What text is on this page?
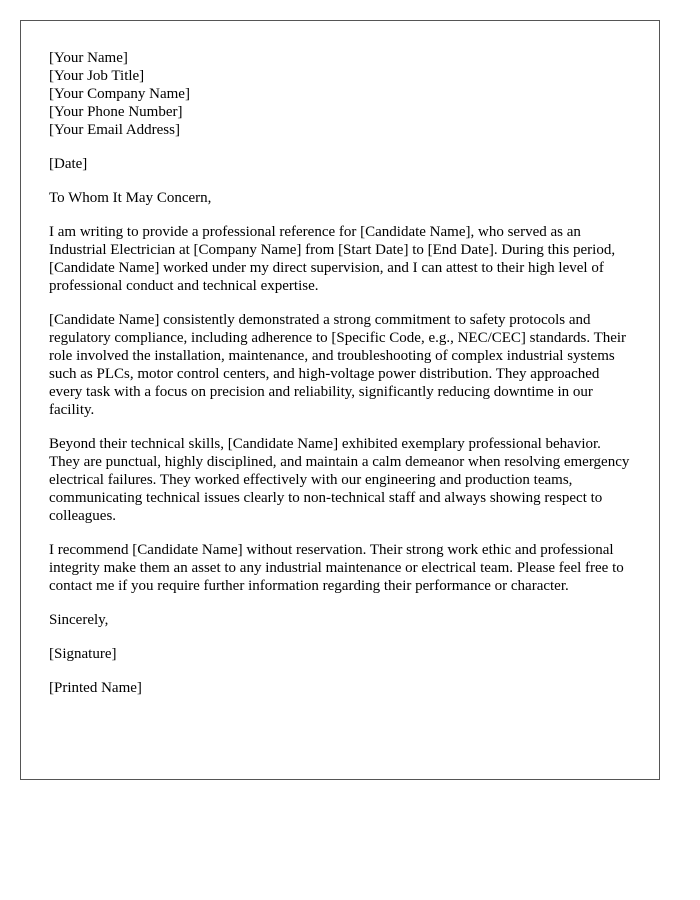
[Your Name]
[Your Job Title]
[Your Company Name]
[Your Phone Number]
[Your Email Address]

[Date]

To Whom It May Concern,

I am writing to provide a professional reference for [Candidate Name], who served as an Industrial Electrician at [Company Name] from [Start Date] to [End Date]. During this period, [Candidate Name] worked under my direct supervision, and I can attest to their high level of professional conduct and technical expertise.

[Candidate Name] consistently demonstrated a strong commitment to safety protocols and regulatory compliance, including adherence to [Specific Code, e.g., NEC/CEC] standards. Their role involved the installation, maintenance, and troubleshooting of complex industrial systems such as PLCs, motor control centers, and high-voltage power distribution. They approached every task with a focus on precision and reliability, significantly reducing downtime in our facility.

Beyond their technical skills, [Candidate Name] exhibited exemplary professional behavior. They are punctual, highly disciplined, and maintain a calm demeanor when resolving emergency electrical failures. They worked effectively with our engineering and production teams, communicating technical issues clearly to non-technical staff and always showing respect to colleagues.

I recommend [Candidate Name] without reservation. Their strong work ethic and professional integrity make them an asset to any industrial maintenance or electrical team. Please feel free to contact me if you require further information regarding their performance or character.

Sincerely,

[Signature]

[Printed Name]
